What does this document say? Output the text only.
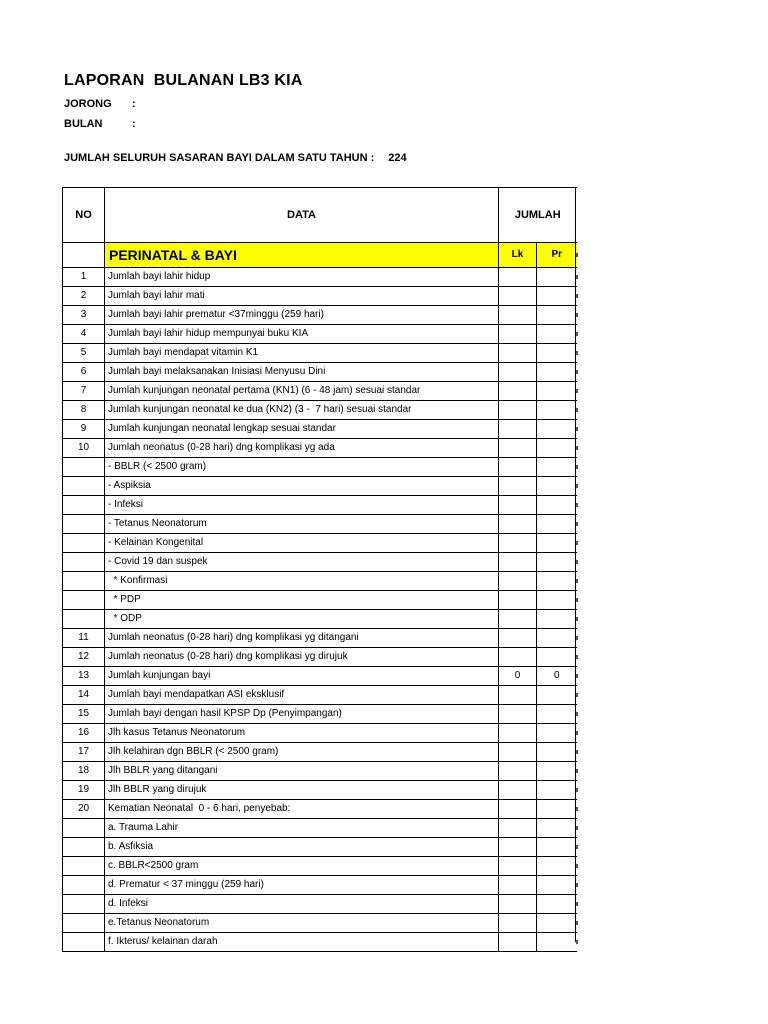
LAPORAN  BULANAN LB3 KIA
JORONG :
BULAN	:
JUMLAH SELURUH SASARAN BAYI DALAM SATU TAHUN : 224
NO	DATA	JUMLAH	
	PERINATAL & BAYI	Lk	Pr
1	Jumlah bayi lahir hidup		
2	Jumlah bayi lahir mati		
3	Jumlah bayi lahir prematur <37minggu (259 hari)		
4	Jumlah bayi lahir hidup mempunyai buku KIA		
5	Jumlah bayi mendapat vitamin K1		
6	Jumlah bayi melaksanakan Inisiasi Menyusu Dini		
7	Jumlah kunjungan neonatal pertama (KN1) (6 - 48 jam) sesuai standar		
8	Jumlah kunjungan neonatal ke dua (KN2) (3 -  7 hari) sesuai standar		
9	Jumlah kunjungan neonatal lengkap sesuai standar		
10	Jumlah neonatus (0-28 hari) dng komplikasi yg ada		
	- BBLR (< 2500 gram)		
	- Aspiksia		
	- Infeksi		
	- Tetanus Neonatorum		
	- Kelainan Kongenital		
	- Covid 19 dan suspek		
	* Konfirmasi		
	* PDP		
	* ODP		
11	Jumlah neonatus (0-28 hari) dng komplikasi yg ditangani		
12	Jumlah neonatus (0-28 hari) dng komplikasi yg dirujuk		
13	Jumlah kunjungan bayi	0	0
14	Jumlah bayi mendapatkan ASI eksklusif		
15	Jumlah bayi dengan hasil KPSP Dp (Penyimpangan)		
16	Jlh kasus Tetanus Neonatorum		
17	Jlh kelahiran dgn BBLR (< 2500 gram)		
18	Jlh BBLR yang ditangani		
19	Jlh BBLR yang dirujuk		
20	Kematian Neonatal  0 - 6 hari, penyebab:		
	a. Trauma Lahir		
	b. Asfiksia		
	c. BBLR<2500 gram		
	d. Prematur < 37 minggu (259 hari)		
	d. Infeksi		
	e.Tetanus Neonatorum		
	f. Ikterus/ kelainan darah		
